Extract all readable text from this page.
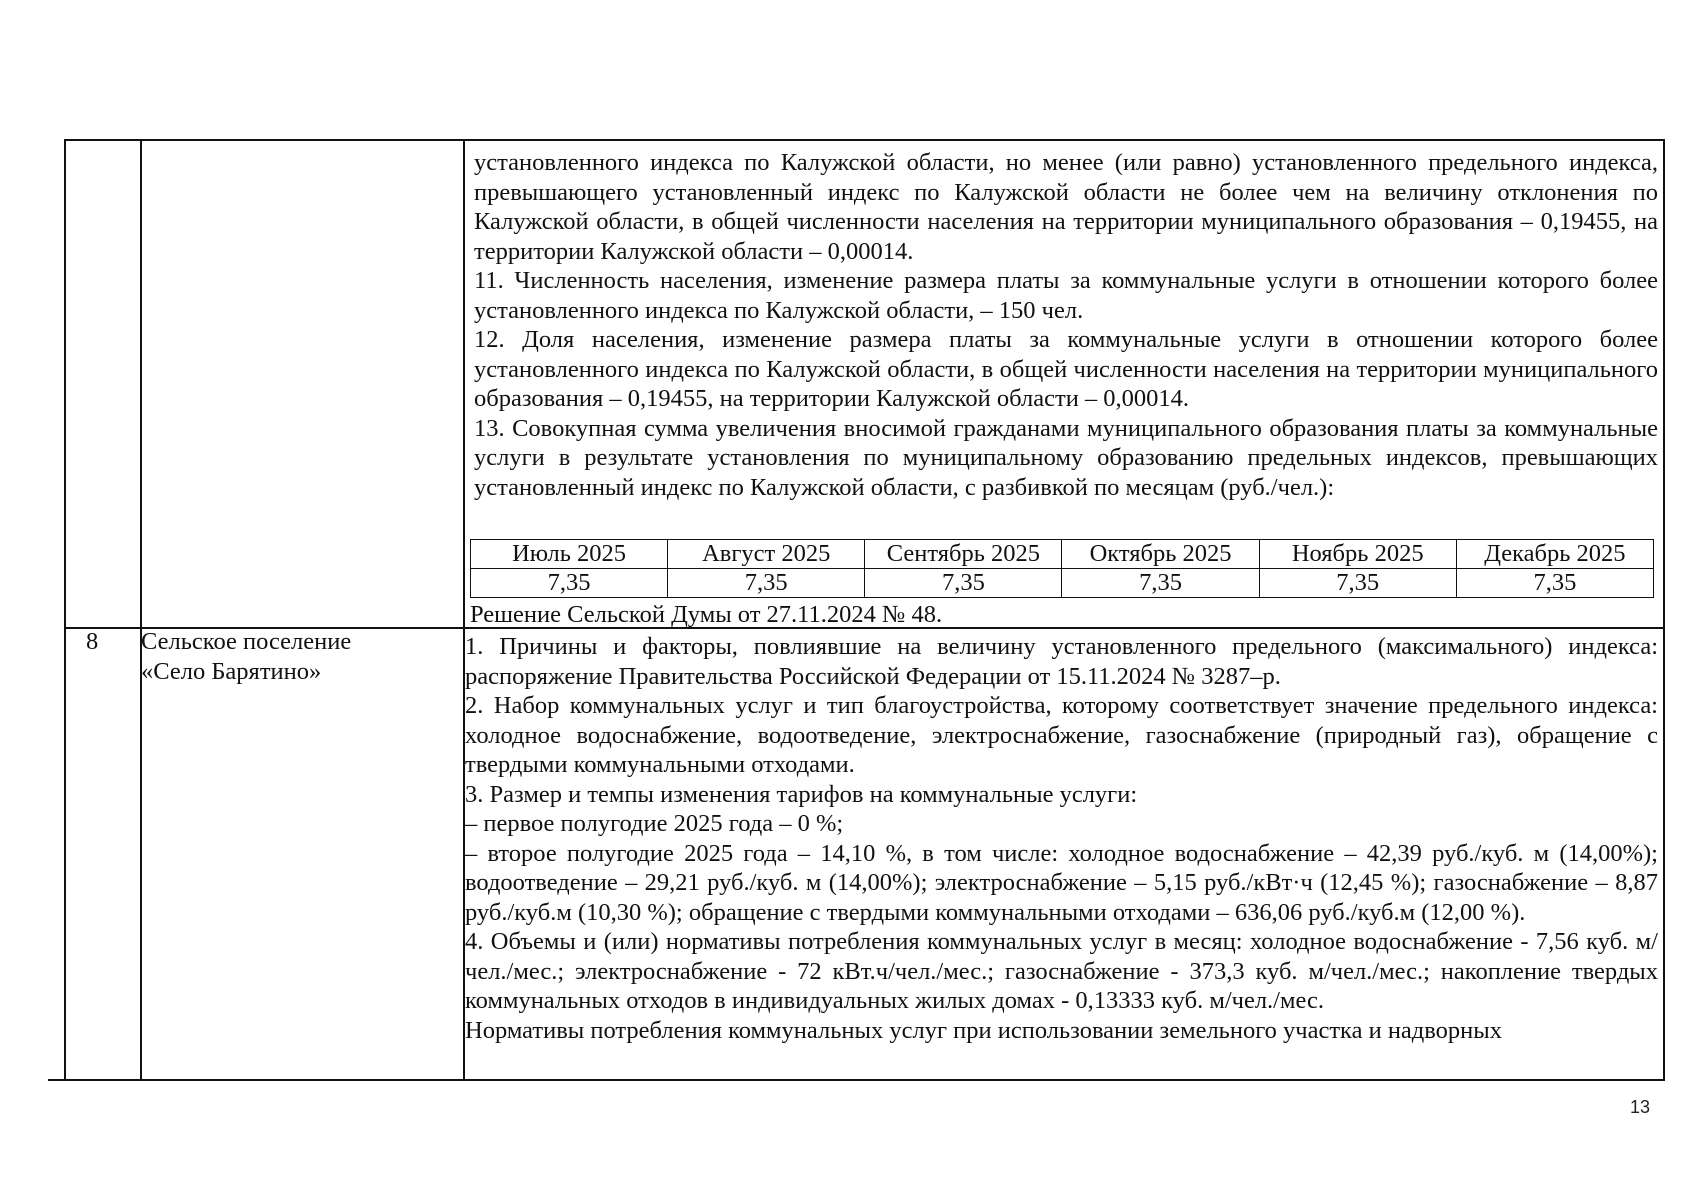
установленного индекса по Калужской области, но менее (или равно) установленного предельного индекса, превышающего установленный индекс по Калужской области не более чем на величину отклонения по Калужской области, в общей численности населения на территории муниципального образования – 0,19455, на территории Калужской области – 0,00014.

11. Численность населения, изменение размера платы за коммунальные услуги в отношении которого более установленного индекса по Калужской области, – 150 чел.

12. Доля населения, изменение размера платы за коммунальные услуги в отношении которого более установленного индекса по Калужской области, в общей численности населения на территории муниципального образования – 0,19455, на территории Калужской области – 0,00014.

13. Совокупная сумма увеличения вносимой гражданами муниципального образования платы за коммунальные услуги в результате установления по муниципальному образованию предельных индексов, превышающих установленный индекс по Калужской области, с разбивкой по месяцам (руб./чел.):

Июль 2025	Август 2025	Сентябрь 2025	Октябрь 2025	Ноябрь 2025	Декабрь 2025
7,35	7,35	7,35	7,35	7,35	7,35
Решение Сельской Думы от 27.11.2024 № 48.
8 Сельское поселение
«Село Барятино»

1. Причины и факторы, повлиявшие на величину установленного предельного (максимального) индекса: распоряжение Правительства Российской Федерации от 15.11.2024 № 3287–р.

2. Набор коммунальных услуг и тип благоустройства, которому соответствует значение предельного индекса: холодное водоснабжение, водоотведение, электроснабжение, газоснабжение (природный газ), обращение с твердыми коммунальными отходами.

3. Размер и темпы изменения тарифов на коммунальные услуги:

– первое полугодие 2025 года – 0 %;

– второе полугодие 2025 года – 14,10 %, в том числе: холодное водоснабжение – 42,39 руб./куб. м (14,00%); водоотведение – 29,21 руб./куб. м (14,00%); электроснабжение – 5,15 руб./кВт·ч (12,45 %); газоснабжение – 8,87 руб./куб.м (10,30 %); обращение с твердыми коммунальными отходами – 636,06 руб./куб.м (12,00 %).

4. Объемы и (или) нормативы потребления коммунальных услуг в месяц: холодное водоснабжение - 7,56 куб. м/чел./мес.; электроснабжение - 72 кВт.ч/чел./мес.; газоснабжение - 373,3 куб. м/чел./мес.; накопление твердых коммунальных отходов в индивидуальных жилых домах - 0,13333 куб. м/чел./мес.

Нормативы потребления коммунальных услуг при использовании земельного участка и надворных

13
